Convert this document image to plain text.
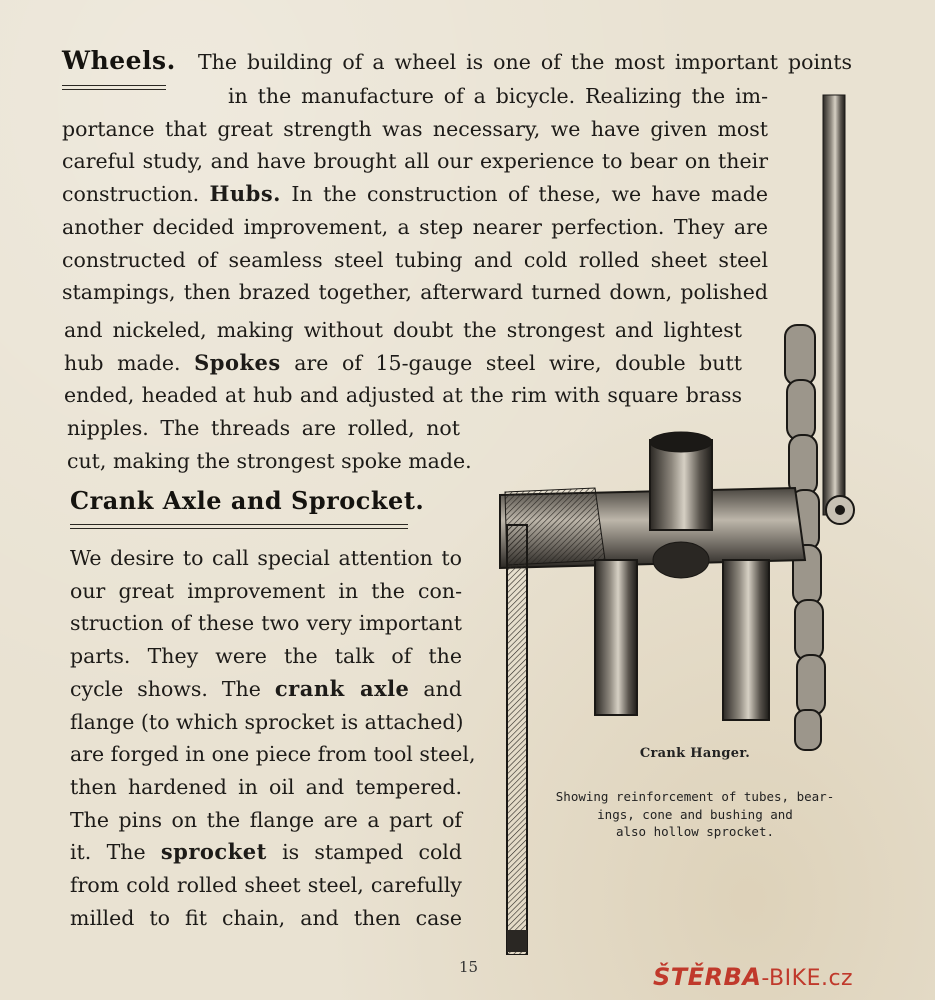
Wheels.	The building of a wheel is one of the most important points
in the manufacture of a bicycle. Realizing the im-
portance that great strength was necessary, we have given most
careful study, and have brought all our experience to bear on their
construction. Hubs. In the construction of these, we have made
another decided improvement, a step nearer perfection. They are
constructed of seamless steel tubing and cold rolled sheet steel
stampings, then brazed together, afterward turned down, polished
and nickeled, making without doubt the strongest and lightest
hub made. Spokes are of 15-gauge steel wire, double butt
ended, headed at hub and adjusted at the rim with square brass
nipples. The threads are rolled, not
cut, making the strongest spoke made.
Crank Axle and Sprocket.
We desire to call special attention to
our great improvement in the con-
struction of these two very important
parts. They were the talk of the
cycle shows. The crank axle and
flange (to which sprocket is attached)
are forged in one piece from tool steel,
then hardened in oil and tempered.
The pins on the flange are a part of
it. The sprocket is stamped cold
from cold rolled sheet steel, carefully
milled to fit chain, and then case
Crank Hanger.
Showing reinforcement of tubes, bear-
ings, cone and bushing and
also hollow sprocket.
15	ŠTĚRBA-BIKE.cz
